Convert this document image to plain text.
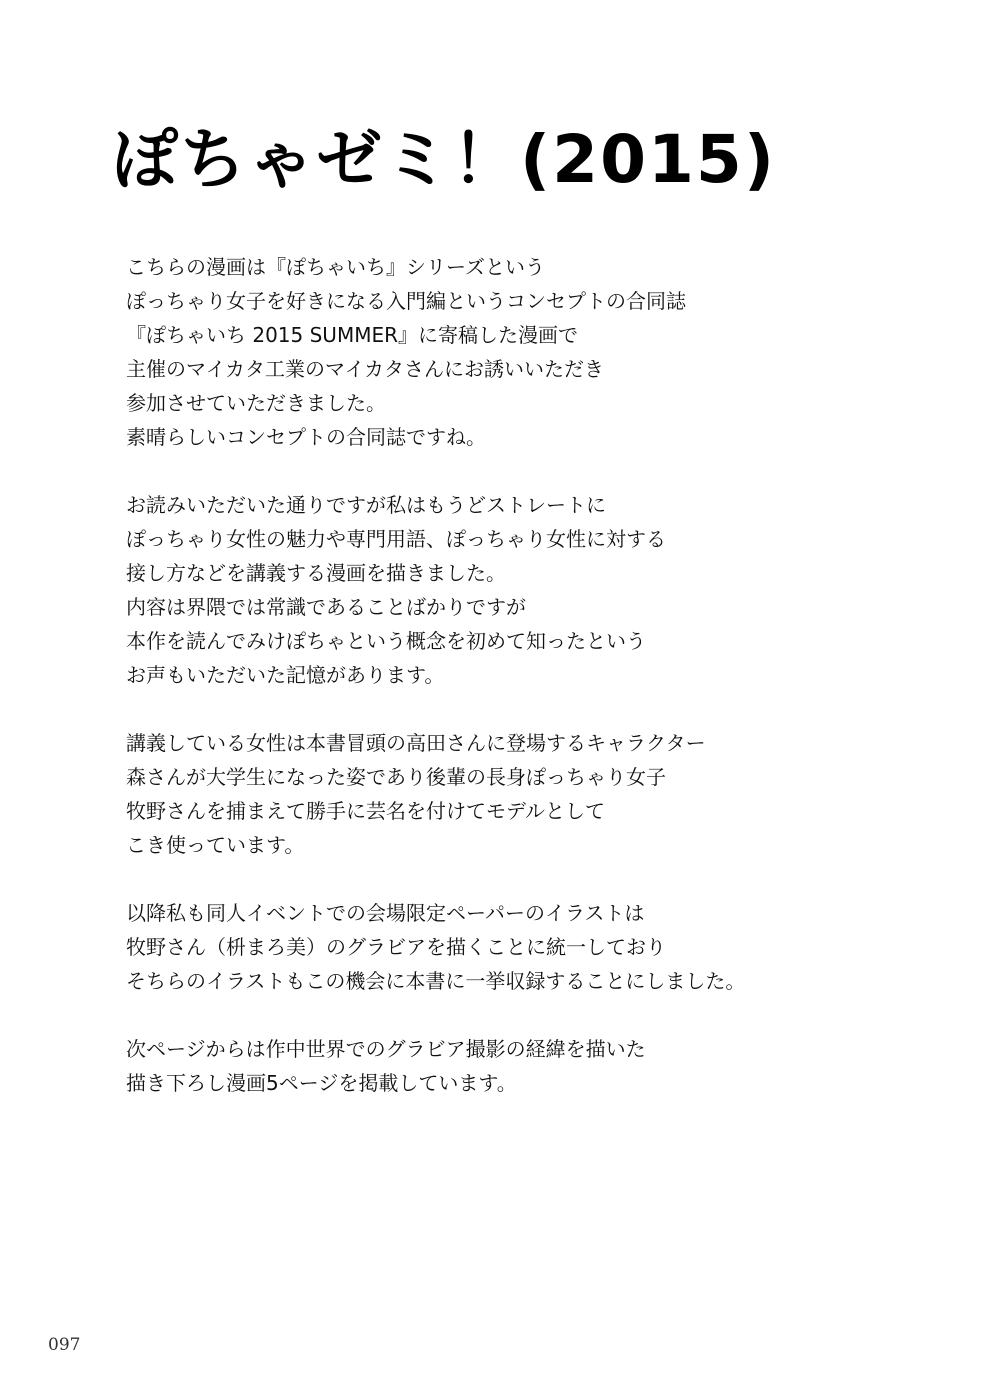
ぽちゃゼミ！(2015)

こちらの漫画は『ぽちゃいち』シリーズという
ぽっちゃり女子を好きになる入門編というコンセプトの合同誌
『ぽちゃいち 2015 SUMMER』に寄稿した漫画で
主催のマイカタ工業のマイカタさんにお誘いいただき
参加させていただきました。
素晴らしいコンセプトの合同誌ですね。

お読みいただいた通りですが私はもうどストレートに
ぽっちゃり女性の魅力や専門用語、ぽっちゃり女性に対する
接し方などを講義する漫画を描きました。
内容は界隈では常識であることばかりですが
本作を読んでみけぽちゃという概念を初めて知ったという
お声もいただいた記憶があります。

講義している女性は本書冒頭の高田さんに登場するキャラクター
森さんが大学生になった姿であり後輩の長身ぽっちゃり女子
牧野さんを捕まえて勝手に芸名を付けてモデルとして
こき使っています。

以降私も同人イベントでの会場限定ペーパーのイラストは
牧野さん（枡まろ美）のグラビアを描くことに統一しており
そちらのイラストもこの機会に本書に一挙収録することにしました。

次ページからは作中世界でのグラビア撮影の経緯を描いた
描き下ろし漫画5ページを掲載しています。

097
